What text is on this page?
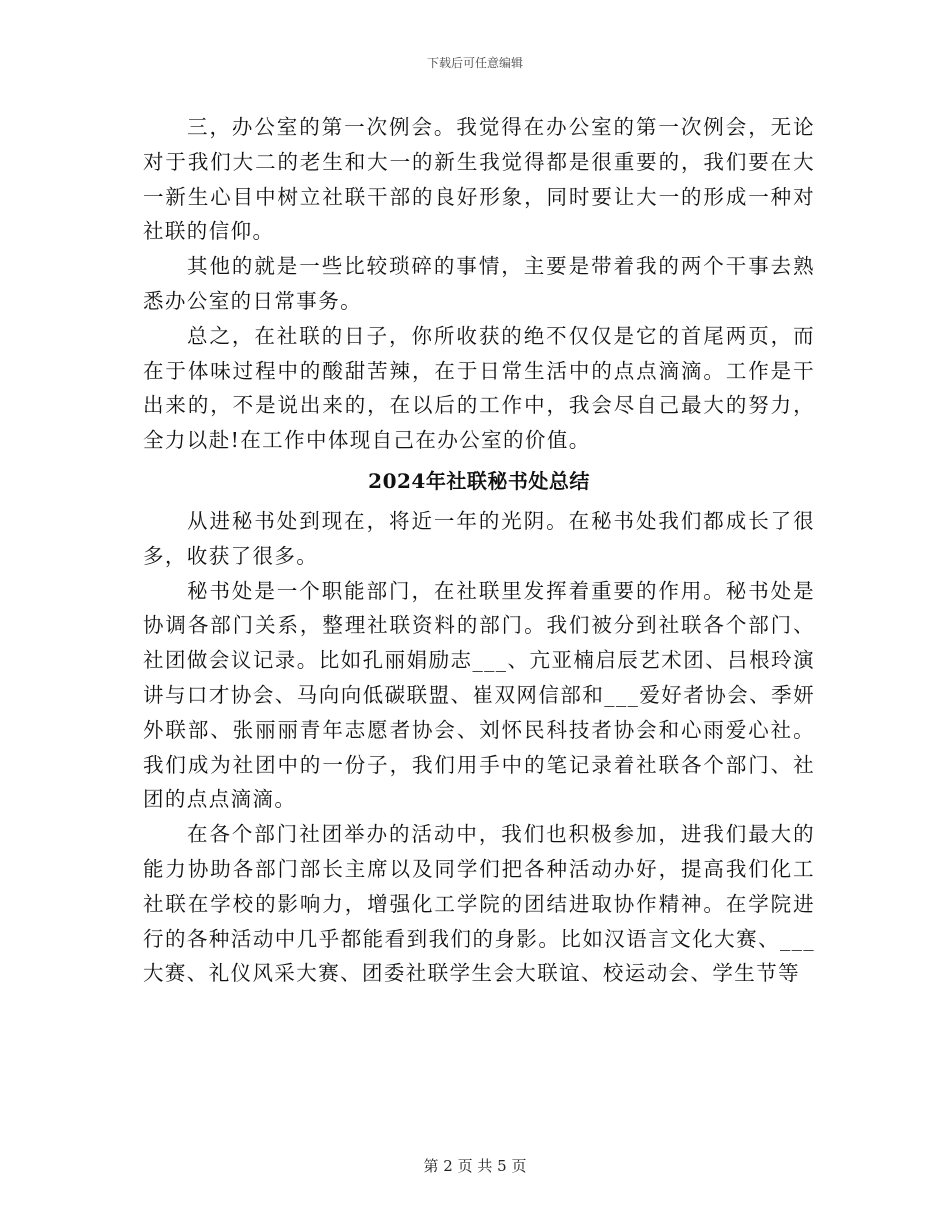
下载后可任意编辑

三，办公室的第一次例会。我觉得在办公室的第一次例会，无论对于我们大二的老生和大一的新生我觉得都是很重要的，我们要在大一新生心目中树立社联干部的良好形象，同时要让大一的形成一种对社联的信仰。

其他的就是一些比较琐碎的事情，主要是带着我的两个干事去熟悉办公室的日常事务。

总之，在社联的日子，你所收获的绝不仅仅是它的首尾两页，而在于体味过程中的酸甜苦辣，在于日常生活中的点点滴滴。工作是干出来的，不是说出来的，在以后的工作中，我会尽自己最大的努力，全力以赴!在工作中体现自己在办公室的价值。

2024年社联秘书处总结

从进秘书处到现在，将近一年的光阴。在秘书处我们都成长了很多，收获了很多。

秘书处是一个职能部门，在社联里发挥着重要的作用。秘书处是协调各部门关系，整理社联资料的部门。我们被分到社联各个部门、社团做会议记录。比如孔丽娟励志___、亢亚楠启辰艺术团、吕根玲演讲与口才协会、马向向低碳联盟、崔双网信部和___爱好者协会、季妍外联部、张丽丽青年志愿者协会、刘怀民科技者协会和心雨爱心社。我们成为社团中的一份子，我们用手中的笔记录着社联各个部门、社团的点点滴滴。

在各个部门社团举办的活动中，我们也积极参加，进我们最大的能力协助各部门部长主席以及同学们把各种活动办好，提高我们化工社联在学校的影响力，增强化工学院的团结进取协作精神。在学院进行的各种活动中几乎都能看到我们的身影。比如汉语言文化大赛、___大赛、礼仪风采大赛、团委社联学生会大联谊、校运动会、学生节等

第 2 页 共 5 页
